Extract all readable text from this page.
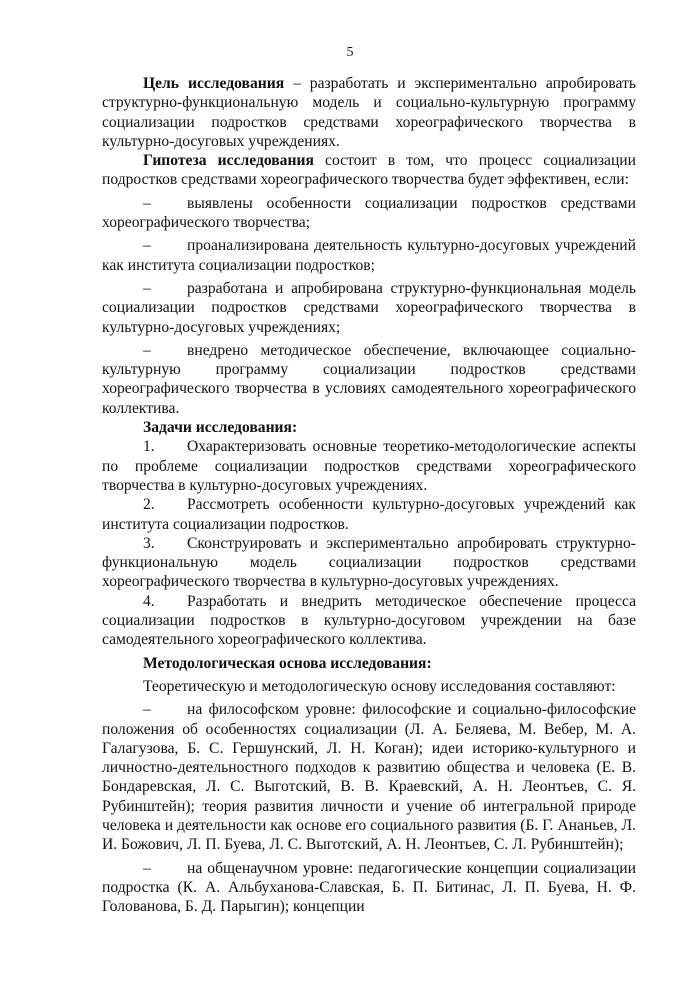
5

Цель исследования – разработать и экспериментально апробировать структурно-функциональную модель и социально-культурную программу социализации подростков средствами хореографического творчества в культурно-досуговых учреждениях.

Гипотеза исследования состоит в том, что процесс социализации подростков средствами хореографического творчества будет эффективен, если:

– выявлены особенности социализации подростков средствами хореографического творчества;

– проанализирована деятельность культурно-досуговых учреждений как института социализации подростков;

– разработана и апробирована структурно-функциональная модель социализации подростков средствами хореографического творчества в культурно-досуговых учреждениях;

– внедрено методическое обеспечение, включающее социально-культурную программу социализации подростков средствами хореографического творчества в условиях самодеятельного хореографического коллектива.

Задачи исследования:

1. Охарактеризовать основные теоретико-методологические аспекты по проблеме социализации подростков средствами хореографического творчества в культурно-досуговых учреждениях.

2. Рассмотреть особенности культурно-досуговых учреждений как института социализации подростков.

3. Сконструировать и экспериментально апробировать структурно-функциональную модель социализации подростков средствами хореографического творчества в культурно-досуговых учреждениях.

4. Разработать и внедрить методическое обеспечение процесса социализации подростков в культурно-досуговом учреждении на базе самодеятельного хореографического коллектива.

Методологическая основа исследования:

Теоретическую и методологическую основу исследования составляют:

– на философском уровне: философские и социально-философские положения об особенностях социализации (Л. А. Беляева, М. Вебер, М. А. Галагузова, Б. С. Гершунский, Л. Н. Коган); идеи историко-культурного и личностно-деятельностного подходов к развитию общества и человека (Е. В. Бондаревская, Л. С. Выготский, В. В. Краевский, А. Н. Леонтьев, С. Я. Рубинштейн); теория развития личности и учение об интегральной природе человека и деятельности как основе его социального развития (Б. Г. Ананьев, Л. И. Божович, Л. П. Буева, Л. С. Выготский, А. Н. Леонтьев, С. Л. Рубинштейн);

– на общенаучном уровне: педагогические концепции социализации подростка (К. А. Альбуханова-Славская, Б. П. Битинас, Л. П. Буева, Н. Ф. Голованова, Б. Д. Парыгин); концепции
